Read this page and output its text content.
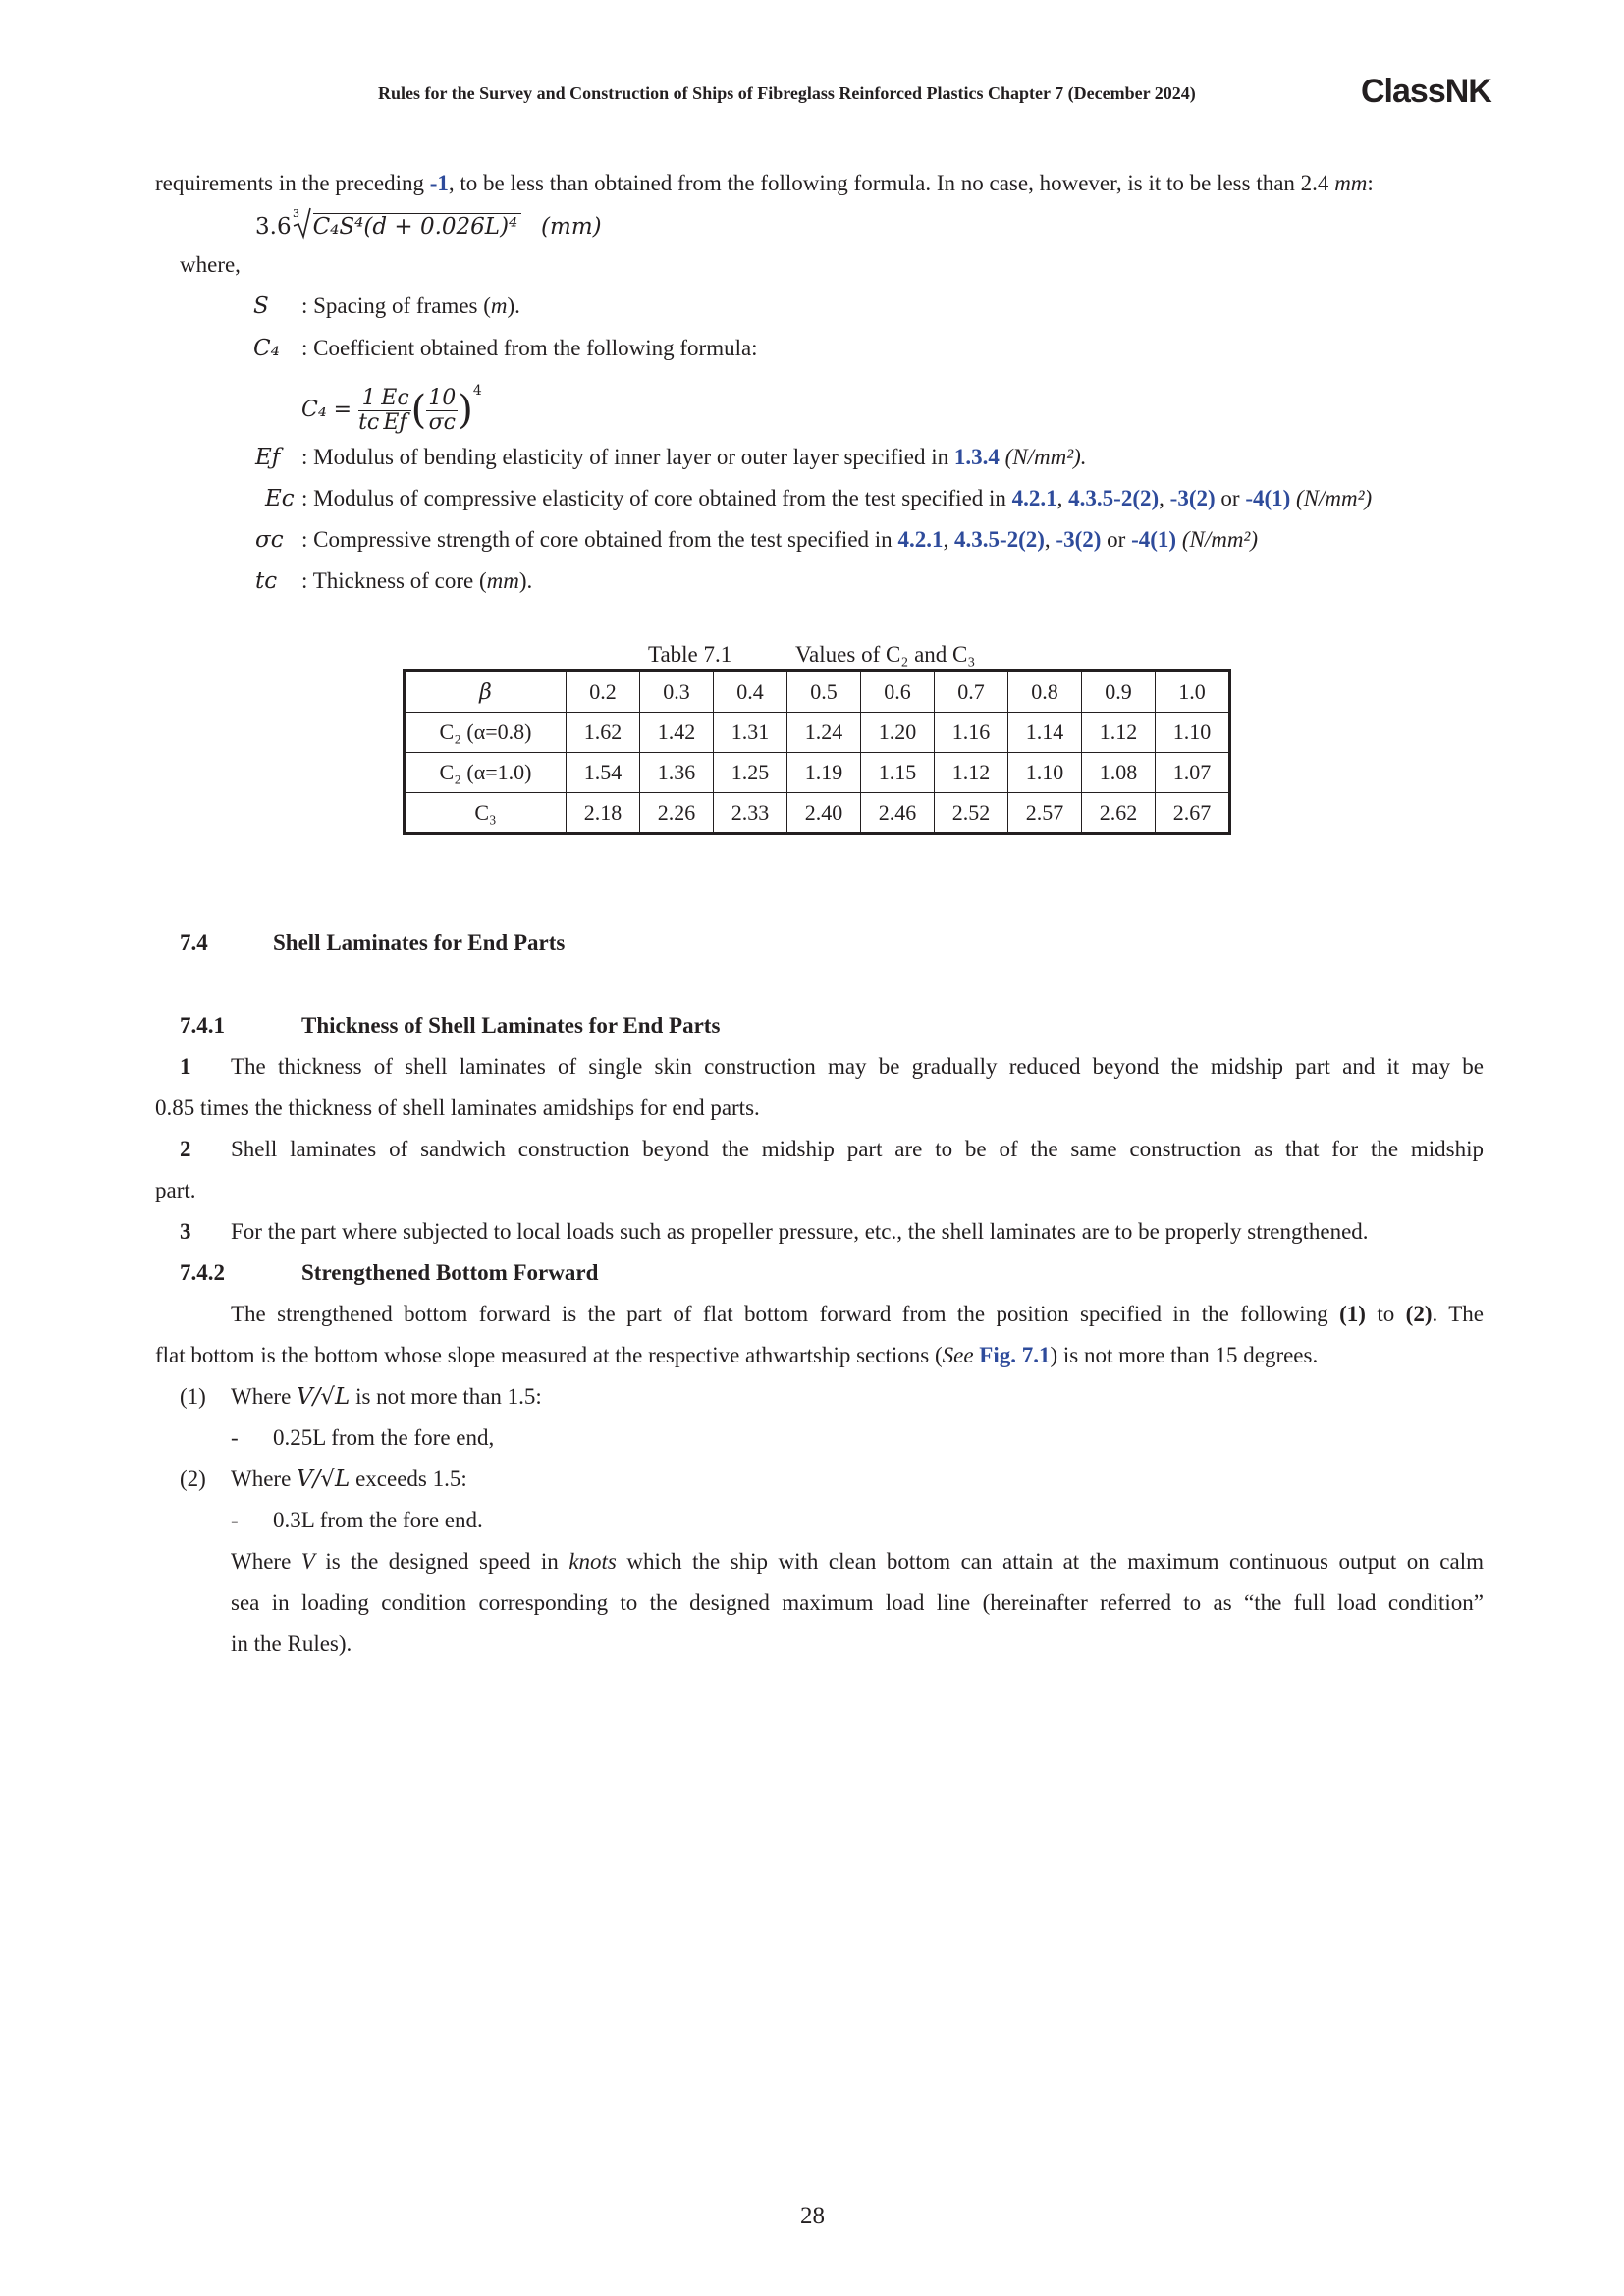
Rules for the Survey and Construction of Ships of Fibreglass Reinforced Plastics Chapter 7 (December 2024)	ClassNK
requirements in the preceding -1, to be less than obtained from the following formula. In no case, however, is it to be less than 2.4 mm:
3.6
3
C₄S⁴(d + 0.026L)⁴ (mm)
where,
S : Spacing of frames (m).
C₄ : Coefficient obtained from the following formula:
$C_4 = \frac{1}{\text{tᴄ}} \frac{\text{Eᴄ}}{Eƒ}$ ( $\frac{10}{\text{σᴄ}} )^4$
Eƒ : Modulus of bending elasticity of inner layer or outer layer specified in 1.3.4 (N/mm²).
Eᴄ : Modulus of compressive elasticity of core obtained from the test specified in 4.2.1, 4.3.5-2(2), -3(2) or -4(1) (N/mm²)
σᴄ : Compressive strength of core obtained from the test specified in 4.2.1, 4.3.5-2(2), -3(2) or -4(1) (N/mm²)
tᴄ : Thickness of core (mm).
Table 7.1	Values of C₂ and C₃
β	0.2	0.3	0.4	0.5	0.6	0.7	0.8	0.9	1.0
C₂ (α=0.8)	1.62	1.42	1.31	1.24	1.20	1.16	1.14	1.12	1.10
C₂ (α=1.0)	1.54	1.36	1.25	1.19	1.15	1.12	1.10	1.08	1.07
C₃	2.18	2.26	2.33	2.40	2.46	2.52	2.57	2.62	2.67
7.4	Shell Laminates for End Parts
7.4.1	Thickness of Shell Laminates for End Parts
1 The thickness of shell laminates of single skin construction may be gradually reduced beyond the midship part and it may be
0.85 times the thickness of shell laminates amidships for end parts.
2 Shell laminates of sandwich construction beyond the midship part are to be of the same construction as that for the midship
part.
3 For the part where subjected to local loads such as propeller pressure, etc., the shell laminates are to be properly strengthened.
7.4.2	Strengthened Bottom Forward
The strengthened bottom forward is the part of flat bottom forward from the position specified in the following (1) to (2). The
flat bottom is the bottom whose slope measured at the respective athwartship sections (See Fig. 7.1) is not more than 15 degrees.
(1) Where V/√L is not more than 1.5:
- 0.25L from the fore end,
(2) Where V/√L exceeds 1.5:
- 0.3L from the fore end.
Where V is the designed speed in knots which the ship with clean bottom can attain at the maximum continuous output on calm
sea in loading condition corresponding to the designed maximum load line (hereinafter referred to as “the full load condition”
in the Rules).
28
